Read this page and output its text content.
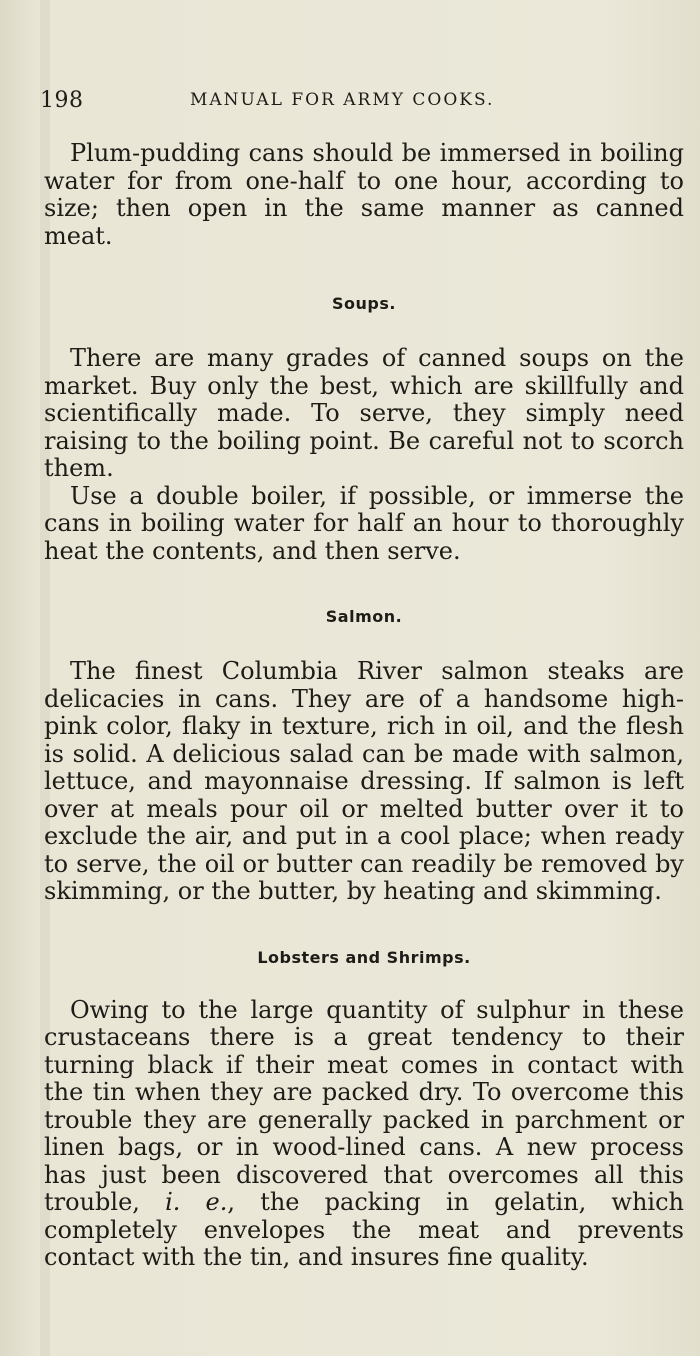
198	MANUAL FOR ARMY COOKS.

Plum-pudding cans should be immersed in boiling water for from one-half to one hour, according to size; then open in the same manner as canned meat.

Soups.

There are many grades of canned soups on the market. Buy only the best, which are skillfully and scientifically made. To serve, they simply need raising to the boiling point. Be careful not to scorch them.

Use a double boiler, if possible, or immerse the cans in boiling water for half an hour to thoroughly heat the contents, and then serve.

Salmon.

The finest Columbia River salmon steaks are delicacies in cans. They are of a handsome high-pink color, flaky in texture, rich in oil, and the flesh is solid. A delicious salad can be made with salmon, lettuce, and mayonnaise dressing. If salmon is left over at meals pour oil or melted butter over it to exclude the air, and put in a cool place; when ready to serve, the oil or butter can readily be removed by skimming, or the butter, by heating and skimming.

Lobsters and Shrimps.

Owing to the large quantity of sulphur in these crustaceans there is a great tendency to their turning black if their meat comes in contact with the tin when they are packed dry. To overcome this trouble they are generally packed in parchment or linen bags, or in wood-lined cans. A new process has just been discovered that overcomes all this trouble, i. e., the packing in gelatin, which completely envelopes the meat and prevents contact with the tin, and insures fine quality.
